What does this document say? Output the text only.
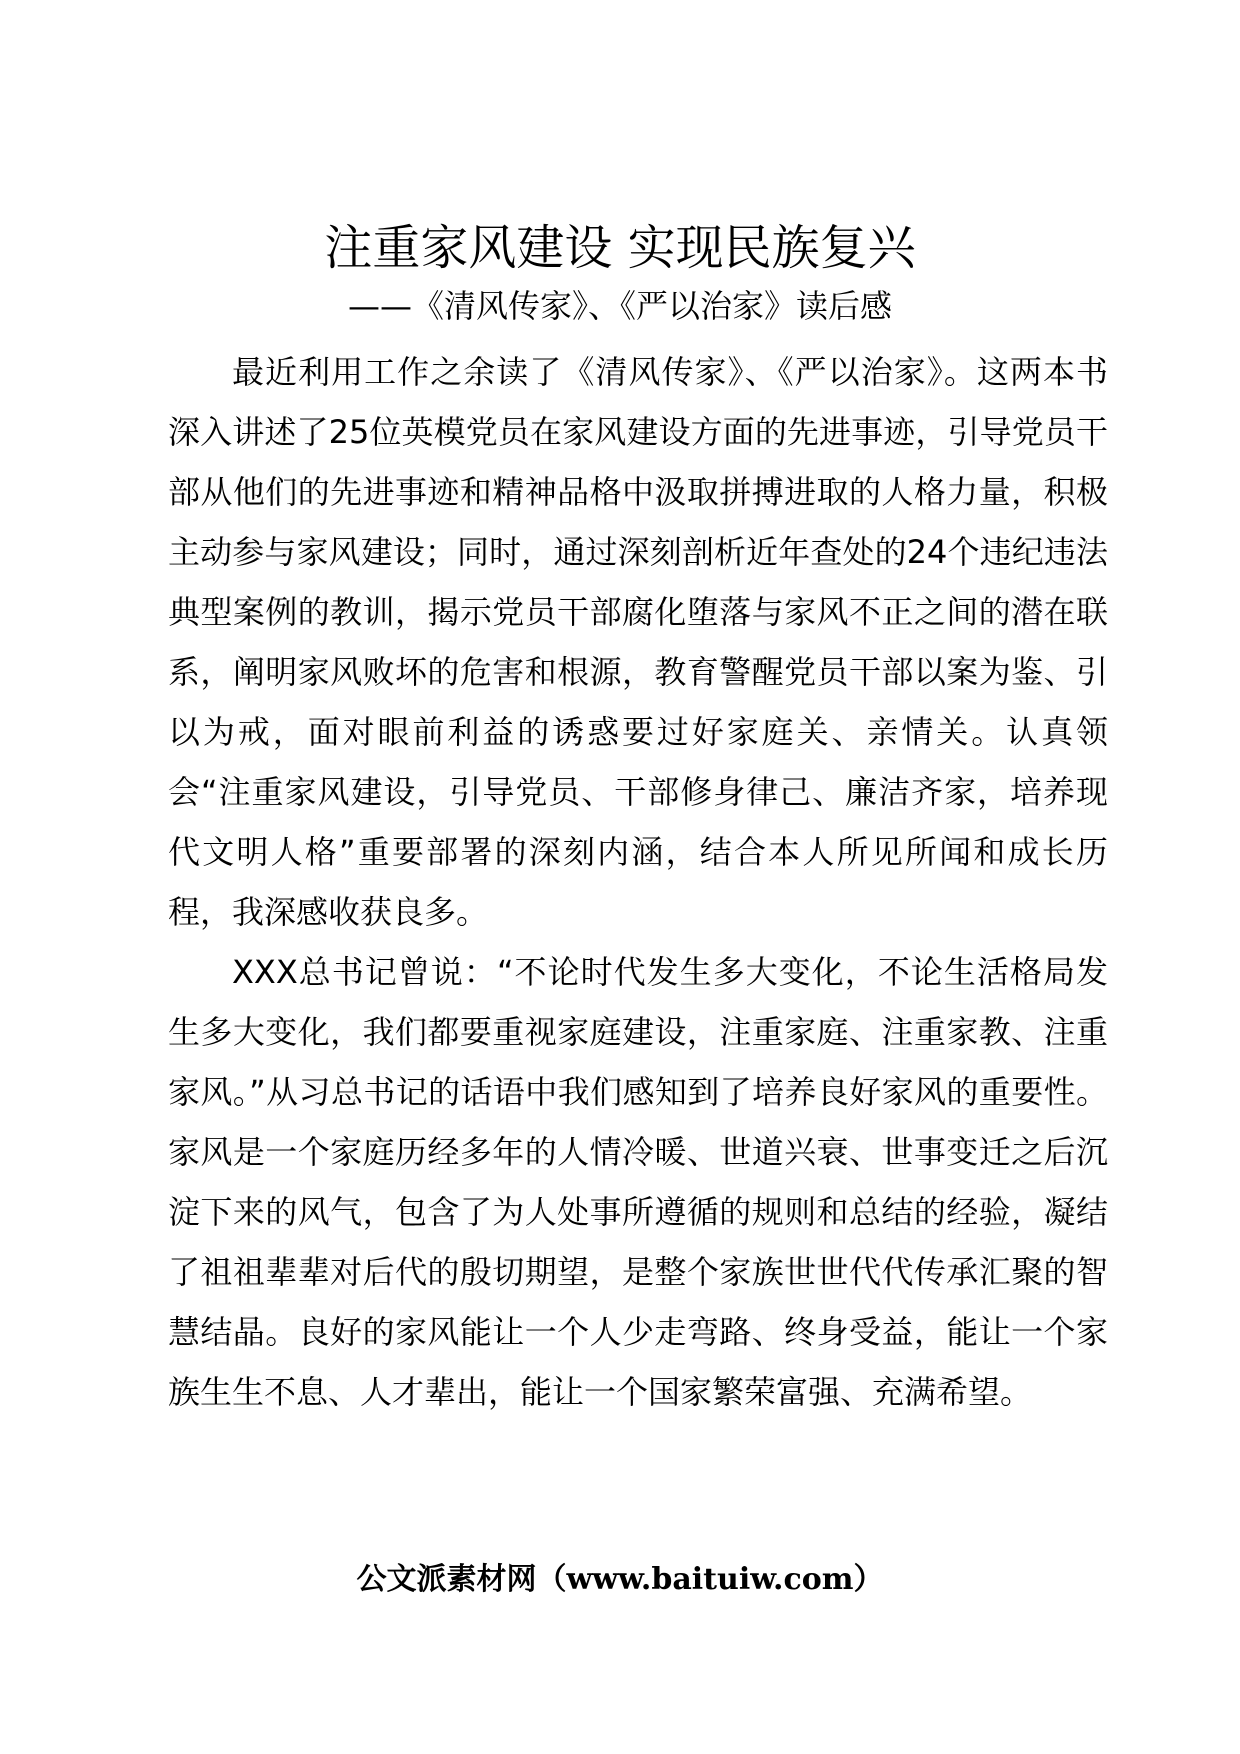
注重家风建设 实现民族复兴
——《清风传家》、《严以治家》读后感

最近利用工作之余读了《清风传家》、《严以治家》。这两本书深入讲述了25位英模党员在家风建设方面的先进事迹，引导党员干部从他们的先进事迹和精神品格中汲取拼搏进取的人格力量，积极主动参与家风建设；同时，通过深刻剖析近年查处的24个违纪违法典型案例的教训，揭示党员干部腐化堕落与家风不正之间的潜在联系，阐明家风败坏的危害和根源，教育警醒党员干部以案为鉴、引以为戒，面对眼前利益的诱惑要过好家庭关、亲情关。认真领会“注重家风建设，引导党员、干部修身律己、廉洁齐家，培养现代文明人格”重要部署的深刻内涵，结合本人所见所闻和成长历程，我深感收获良多。

XXX总书记曾说：“不论时代发生多大变化，不论生活格局发生多大变化，我们都要重视家庭建设，注重家庭、注重家教、注重家风。”从习总书记的话语中我们感知到了培养良好家风的重要性。家风是一个家庭历经多年的人情冷暖、世道兴衰、世事变迁之后沉淀下来的风气，包含了为人处事所遵循的规则和总结的经验，凝结了祖祖辈辈对后代的殷切期望，是整个家族世世代代传承汇聚的智慧结晶。良好的家风能让一个人少走弯路、终身受益，能让一个家族生生不息、人才辈出，能让一个国家繁荣富强、充满希望。

公文派素材网（www.baituiw.com）
